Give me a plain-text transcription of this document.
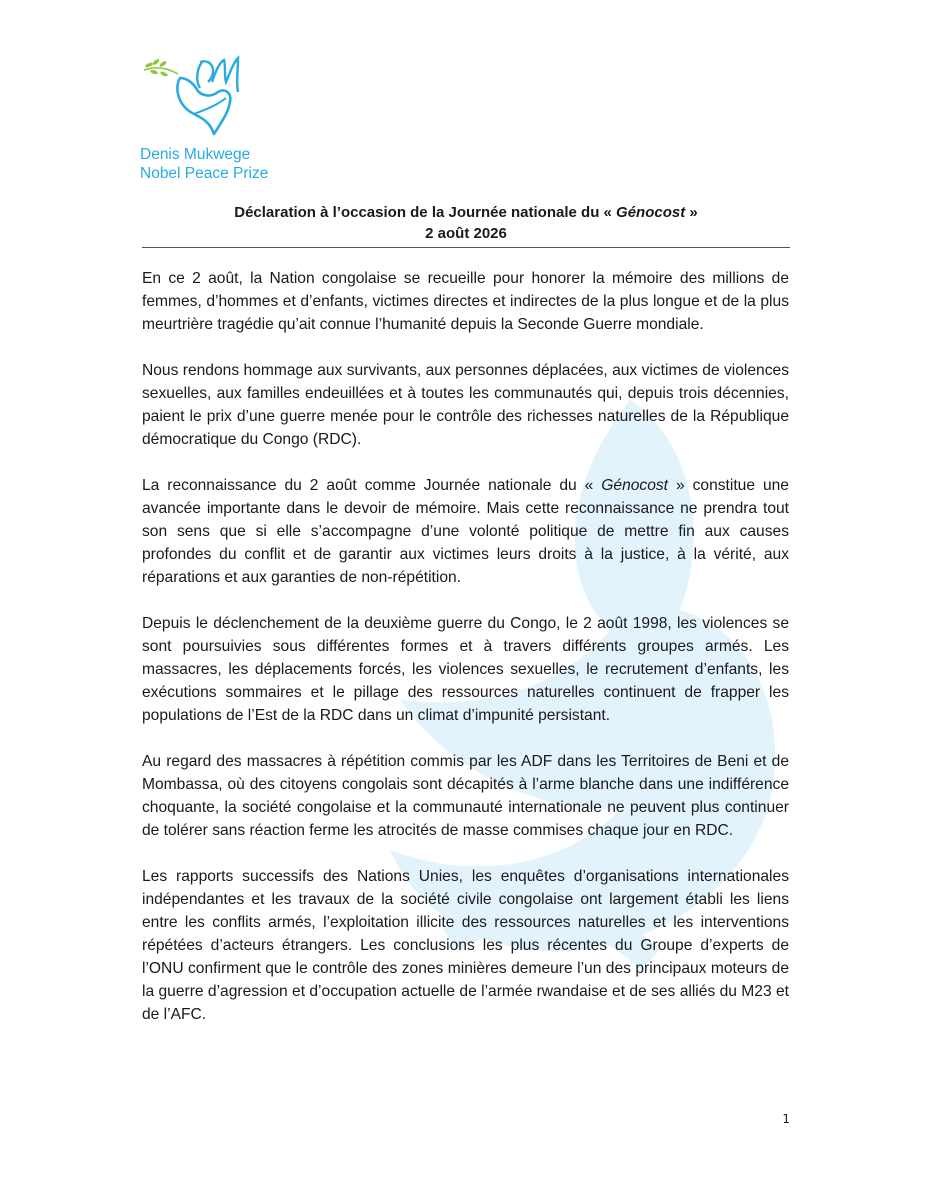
Denis Mukwege
Nobel Peace Prize
Déclaration à l’occasion de la Journée nationale du « Génocost »
2 août 2026

En ce 2 août, la Nation congolaise se recueille pour honorer la mémoire des millions de femmes, d’hommes et d’enfants, victimes directes et indirectes de la plus longue et de la plus meurtrière tragédie qu’ait connue l’humanité depuis la Seconde Guerre mondiale.

Nous rendons hommage aux survivants, aux personnes déplacées, aux victimes de violences sexuelles, aux familles endeuillées et à toutes les communautés qui, depuis trois décennies, paient le prix d’une guerre menée pour le contrôle des richesses naturelles de la République démocratique du Congo (RDC).

La reconnaissance du 2 août comme Journée nationale du « Génocost » constitue une avancée importante dans le devoir de mémoire. Mais cette reconnaissance ne prendra tout son sens que si elle s’accompagne d’une volonté politique de mettre fin aux causes profondes du conflit et de garantir aux victimes leurs droits à la justice, à la vérité, aux réparations et aux garanties de non-répétition.

Depuis le déclenchement de la deuxième guerre du Congo, le 2 août 1998, les violences se sont poursuivies sous différentes formes et à travers différents groupes armés. Les massacres, les déplacements forcés, les violences sexuelles, le recrutement d’enfants, les exécutions sommaires et le pillage des ressources naturelles continuent de frapper les populations de l’Est de la RDC dans un climat d’impunité persistant.

Au regard des massacres à répétition commis par les ADF dans les Territoires de Beni et de Mombassa, où des citoyens congolais sont décapités à l’arme blanche dans une indifférence choquante, la société congolaise et la communauté internationale ne peuvent plus continuer de tolérer sans réaction ferme les atrocités de masse commises chaque jour en RDC.

Les rapports successifs des Nations Unies, les enquêtes d’organisations internationales indépendantes et les travaux de la société civile congolaise ont largement établi les liens entre les conflits armés, l’exploitation illicite des ressources naturelles et les interventions répétées d’acteurs étrangers. Les conclusions les plus récentes du Groupe d’experts de l’ONU confirment que le contrôle des zones minières demeure l’un des principaux moteurs de la guerre d’agression et d’occupation actuelle de l’armée rwandaise et de ses alliés du M23 et de l’AFC.

1
